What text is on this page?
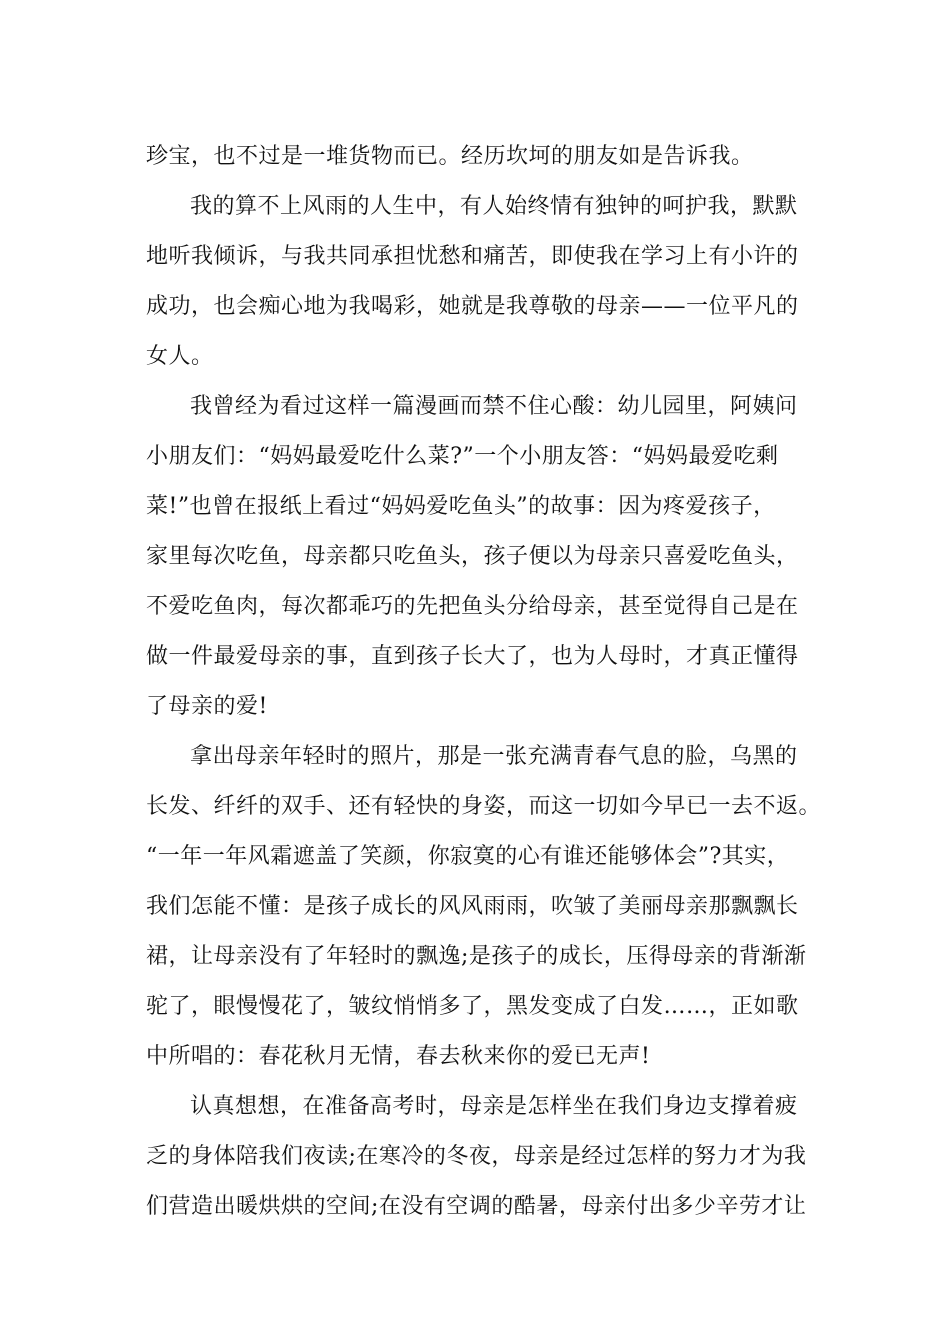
珍宝，也不过是一堆货物而已。经历坎坷的朋友如是告诉我。
我的算不上风雨的人生中，有人始终情有独钟的呵护我，默默
地听我倾诉，与我共同承担忧愁和痛苦，即使我在学习上有小许的
成功，也会痴心地为我喝彩，她就是我尊敬的母亲——一位平凡的
女人。
我曾经为看过这样一篇漫画而禁不住心酸：幼儿园里，阿姨问
小朋友们：“妈妈最爱吃什么菜?”一个小朋友答：“妈妈最爱吃剩
菜!”也曾在报纸上看过“妈妈爱吃鱼头”的故事：因为疼爱孩子，
家里每次吃鱼，母亲都只吃鱼头，孩子便以为母亲只喜爱吃鱼头，
不爱吃鱼肉，每次都乖巧的先把鱼头分给母亲，甚至觉得自己是在
做一件最爱母亲的事，直到孩子长大了，也为人母时，才真正懂得
了母亲的爱!
拿出母亲年轻时的照片，那是一张充满青春气息的脸，乌黑的
长发、纤纤的双手、还有轻快的身姿，而这一切如今早已一去不返。
“一年一年风霜遮盖了笑颜，你寂寞的心有谁还能够体会”?其实，
我们怎能不懂：是孩子成长的风风雨雨，吹皱了美丽母亲那飘飘长
裙，让母亲没有了年轻时的飘逸;是孩子的成长，压得母亲的背渐渐
驼了，眼慢慢花了，皱纹悄悄多了，黑发变成了白发……，正如歌
中所唱的：春花秋月无情，春去秋来你的爱已无声!
认真想想，在准备高考时，母亲是怎样坐在我们身边支撑着疲
乏的身体陪我们夜读;在寒冷的冬夜，母亲是经过怎样的努力才为我
们营造出暖烘烘的空间;在没有空调的酷暑，母亲付出多少辛劳才让
